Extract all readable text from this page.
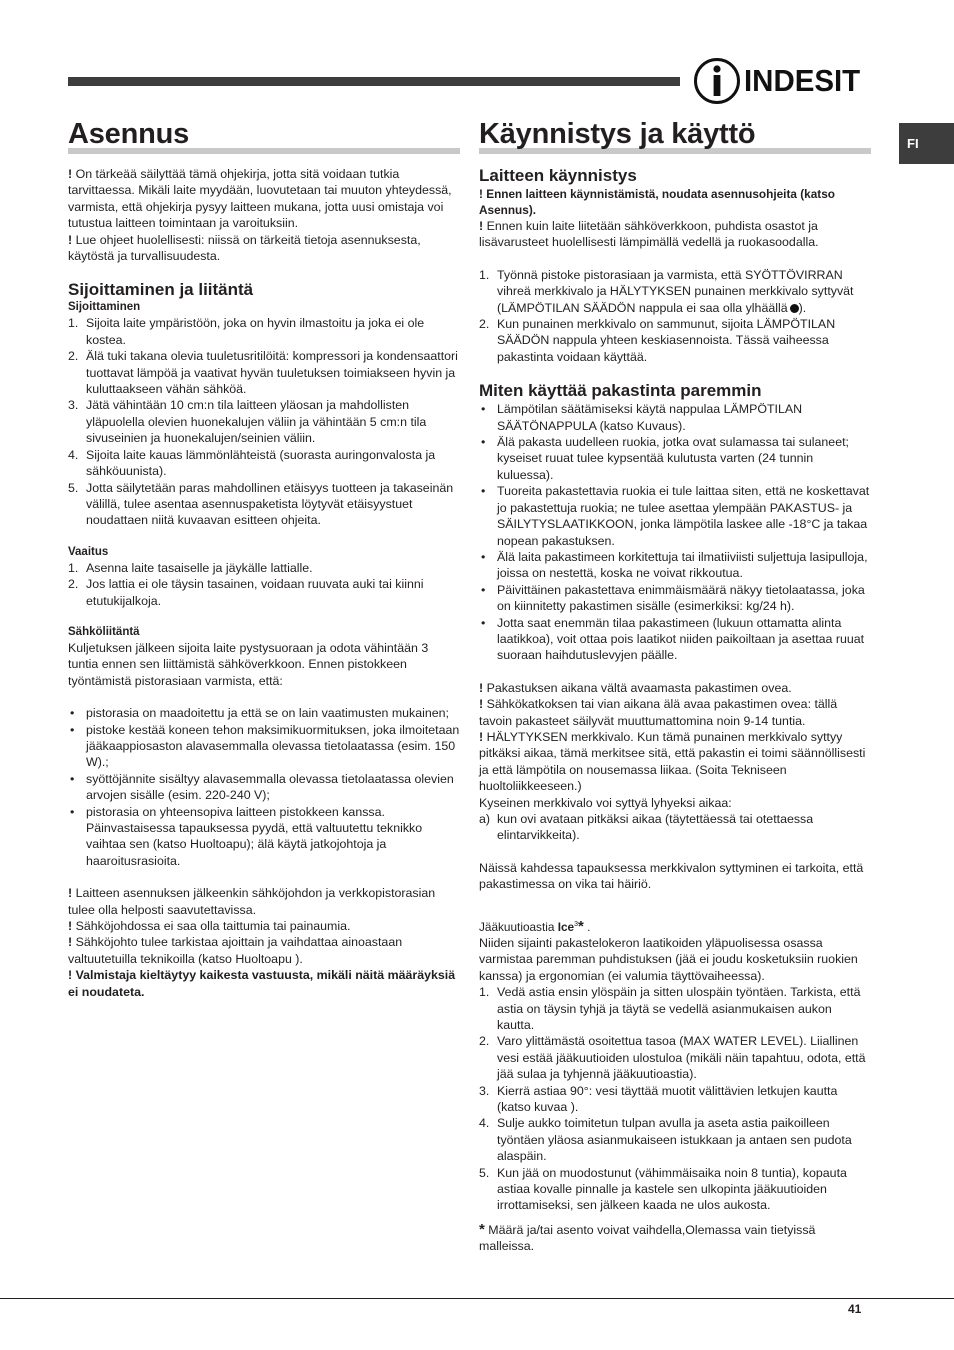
INDESIT
FI
Asennus

! On tärkeää säilyttää tämä ohjekirja, jotta sitä voidaan tutkia tarvittaessa. Mikäli laite myydään, luovutetaan tai muuton yhteydessä, varmista, että ohjekirja pysyy laitteen mukana, jotta uusi omistaja voi tutustua laitteen toimintaan ja varoituksiin.

! Lue ohjeet huolellisesti: niissä on tärkeitä tietoja asennuksesta, käytöstä ja turvallisuudesta.

Sijoittaminen ja liitäntä
Sijoittaminen
1. Sijoita laite ympäristöön, joka on hyvin ilmastoitu ja joka ei ole kostea.
2. Älä tuki takana olevia tuuletusritilöitä: kompressori ja kondensaattori tuottavat lämpöä ja vaativat hyvän tuuletuksen toimiakseen hyvin ja kuluttaakseen vähän sähköä.
3. Jätä vähintään 10 cm:n tila laitteen yläosan ja mahdollisten yläpuolella olevien huonekalujen väliin ja vähintään 5 cm:n tila sivuseinien ja huonekalujen/seinien väliin.
4. Sijoita laite kauas lämmönlähteistä (suorasta auringonvalosta ja sähköuunista).
5. Jotta säilytetään paras mahdollinen etäisyys tuotteen ja takaseinän välillä, tulee asentaa asennuspaketista löytyvät etäisyystuet noudattaen niitä kuvaavan esitteen ohjeita.
Vaaitus
1. Asenna laite tasaiselle ja jäykälle lattialle.
2. Jos lattia ei ole täysin tasainen, voidaan ruuvata auki tai kiinni etutukijalkoja.
Sähköliitäntä

Kuljetuksen jälkeen sijoita laite pystysuoraan ja odota vähintään 3 tuntia ennen sen liittämistä sähköverkkoon. Ennen pistokkeen työntämistä pistorasiaan varmista, että:

• pistorasia on maadoitettu ja että se on lain vaatimusten mukainen;
• pistoke kestää koneen tehon maksimikuormituksen, joka ilmoitetaan jääkaappiosaston alavasemmalla olevassa tietolaatassa (esim. 150 W).;
• syöttöjännite sisältyy alavasemmalla olevassa tietolaatassa olevien arvojen sisälle (esim. 220-240 V);
• pistorasia on yhteensopiva laitteen pistokkeen kanssa. Päinvastaisessa tapauksessa pyydä, että valtuutettu teknikko vaihtaa sen (katso Huoltoapu); älä käytä jatkojohtoja ja haaroitusrasioita.

! Laitteen asennuksen jälkeenkin sähköjohdon ja verkkopistorasian tulee olla helposti saavutettavissa.

! Sähköjohdossa ei saa olla taittumia tai painaumia.

! Sähköjohto tulee tarkistaa ajoittain ja vaihdattaa ainoastaan valtuutetuilla teknikoilla (katso Huoltoapu ).

! Valmistaja kieltäytyy kaikesta vastuusta, mikäli näitä määräyksiä ei noudateta.

Käynnistys ja käyttö
Laitteen käynnistys

! Ennen laitteen käynnistämistä, noudata asennusohjeita (katso Asennus).

! Ennen kuin laite liitetään sähköverkkoon, puhdista osastot ja lisävarusteet huolellisesti lämpimällä vedellä ja ruokasoodalla.

1. Työnnä pistoke pistorasiaan ja varmista, että SYÖTTÖVIRRAN vihreä merkkivalo ja HÄLYTYKSEN punainen merkkivalo syttyvät (LÄMPÖTILAN SÄÄDÖN nappula ei saa olla ylhäällä ).
2. Kun punainen merkkivalo on sammunut, sijoita LÄMPÖTILAN SÄÄDÖN nappula yhteen keskiasennoista. Tässä vaiheessa pakastinta voidaan käyttää.
Miten käyttää pakastinta paremmin
• Lämpötilan säätämiseksi käytä nappulaa LÄMPÖTILAN SÄÄTÖNAPPULA (katso Kuvaus).
• Älä pakasta uudelleen ruokia, jotka ovat sulamassa tai sulaneet; kyseiset ruuat tulee kypsentää kulutusta varten (24 tunnin kuluessa).
• Tuoreita pakastettavia ruokia ei tule laittaa siten, että ne koskettavat jo pakastettuja ruokia; ne tulee asettaa ylempään PAKASTUS- ja SÄILYTYSLAATIKKOON, jonka lämpötila laskee alle -18°C ja takaa nopean pakastuksen.
• Älä laita pakastimeen korkitettuja tai ilmatiiviisti suljettuja lasipulloja, joissa on nestettä, koska ne voivat rikkoutua.
• Päivittäinen pakastettava enimmäismäärä näkyy tietolaatassa, joka on kiinnitetty pakastimen sisälle (esimerkiksi: kg/24 h).
• Jotta saat enemmän tilaa pakastimeen (lukuun ottamatta alinta laatikkoa), voit ottaa pois laatikot niiden paikoiltaan ja asettaa ruuat suoraan haihdutuslevyjen päälle.

! Pakastuksen aikana vältä avaamasta pakastimen ovea.

! Sähkökatkoksen tai vian aikana älä avaa pakastimen ovea: tällä tavoin pakasteet säilyvät muuttumattomina noin 9-14 tuntia.

! HÄLYTYKSEN merkkivalo. Kun tämä punainen merkkivalo syttyy pitkäksi aikaa, tämä merkitsee sitä, että pakastin ei toimi säännöllisesti ja että lämpötila on nousemassa liikaa. (Soita Tekniseen huoltoliikkeeseen.)

Kyseinen merkkivalo voi syttyä lyhyeksi aikaa:

a) kun ovi avataan pitkäksi aikaa (täytettäessä tai otettaessa elintarvikkeita).

Näissä kahdessa tapauksessa merkkivalon syttyminen ei tarkoita, että pakastimessa on vika tai häiriö.

Jääkuutioastia Ice$^3$* .

Niiden sijainti pakastelokeron laatikoiden yläpuolisessa osassa varmistaa paremman puhdistuksen (jää ei joudu kosketuksiin ruokien kanssa) ja ergonomian (ei valumia täyttövaiheessa).

1. Vedä astia ensin ylöspäin ja sitten ulospäin työntäen. Tarkista, että astia on täysin tyhjä ja täytä se vedellä asianmukaisen aukon kautta.
2. Varo ylittämästä osoitettua tasoa (MAX WATER LEVEL). Liiallinen vesi estää jääkuutioiden ulostuloa (mikäli näin tapahtuu, odota, että jää sulaa ja tyhjennä jääkuutioastia).
3. Kierrä astiaa 90°: vesi täyttää muotit välittävien letkujen kautta (katso kuvaa ).
4. Sulje aukko toimitetun tulpan avulla ja aseta astia paikoilleen työntäen yläosa asianmukaiseen istukkaan ja antaen sen pudota alaspäin.
5. Kun jää on muodostunut (vähimmäisaika noin 8 tuntia), kopauta astiaa kovalle pinnalle ja kastele sen ulkopinta jääkuutioiden irrottamiseksi, sen jälkeen kaada ne ulos aukosta.

* Määrä ja/tai asento voivat vaihdella,Olemassa vain tietyissä malleissa.

41
